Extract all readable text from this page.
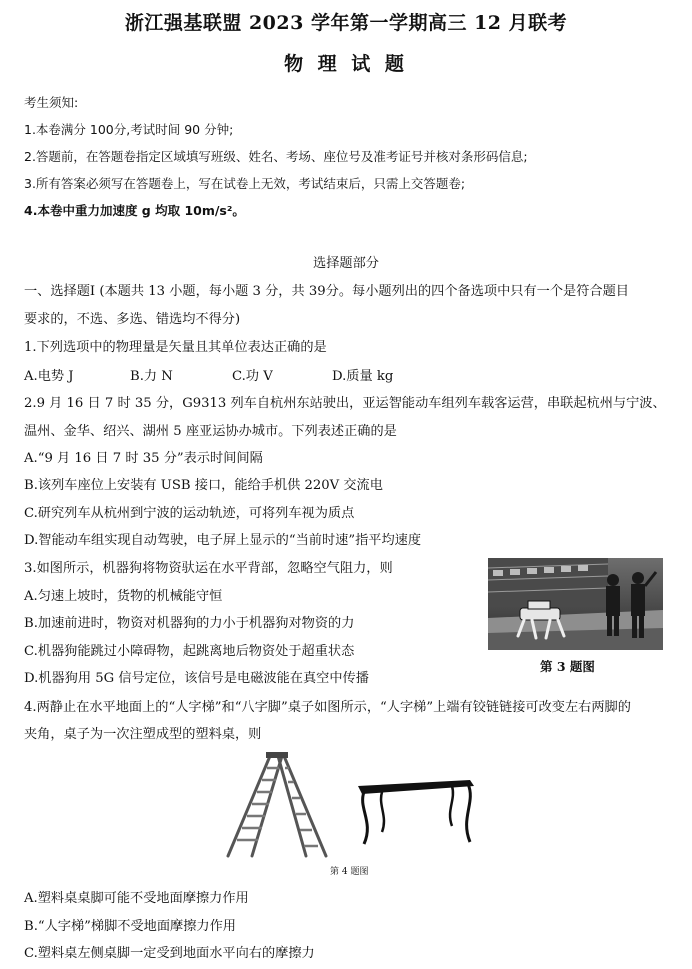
浙江强基联盟 2023 学年第一学期高三 12 月联考
物 理 试 题
考生须知:
1.本卷满分 100分,考试时间 90 分钟;
2.答题前，在答题卷指定区域填写班级、姓名、考场、座位号及准考证号并核对条形码信息;
3.所有答案必须写在答题卷上，写在试卷上无效，考试结束后，只需上交答题卷;
4.本卷中重力加速度 g 均取 10m/s²。
选择题部分
一、选择题Ⅰ (本题共 13 小题，每小题 3 分，共 39分。每小题列出的四个备选项中只有一个是符合题目
要求的，不选、多选、错选均不得分)
1.下列选项中的物理量是矢量且其单位表达正确的是
A.电势 J	B.力 N	C.功 V	D.质量 kg
2.9 月 16 日 7 时 35 分，G9313 列车自杭州东站驶出，亚运智能动车组列车载客运营，串联起杭州与宁波、
温州、金华、绍兴、湖州 5 座亚运协办城市。下列表述正确的是
A.“9 月 16 日 7 时 35 分”表示时间间隔
B.该列车座位上安装有 USB 接口，能给手机供 220V 交流电
C.研究列车从杭州到宁波的运动轨迹，可将列车视为质点
D.智能动车组实现自动驾驶，电子屏上显示的“当前时速”指平均速度
3.如图所示，机器狗将物资驮运在水平背部，忽略空气阻力，则
A.匀速上坡时，货物的机械能守恒
B.加速前进时，物资对机器狗的力小于机器狗对物资的力
C.机器狗能跳过小障碍物，起跳离地后物资处于超重状态
D.机器狗用 5G 信号定位，该信号是电磁波能在真空中传播
第 3 题图
4.两静止在水平地面上的“人字梯”和“八字脚”桌子如图所示，“人字梯”上端有铰链链接可改变左右两脚的
夹角，桌子为一次注塑成型的塑料桌，则
第 4 题图
A.塑料桌桌脚可能不受地面摩擦力作用
B.“人字梯”梯脚不受地面摩擦力作用
C.塑料桌左侧桌脚一定受到地面水平向右的摩擦力
